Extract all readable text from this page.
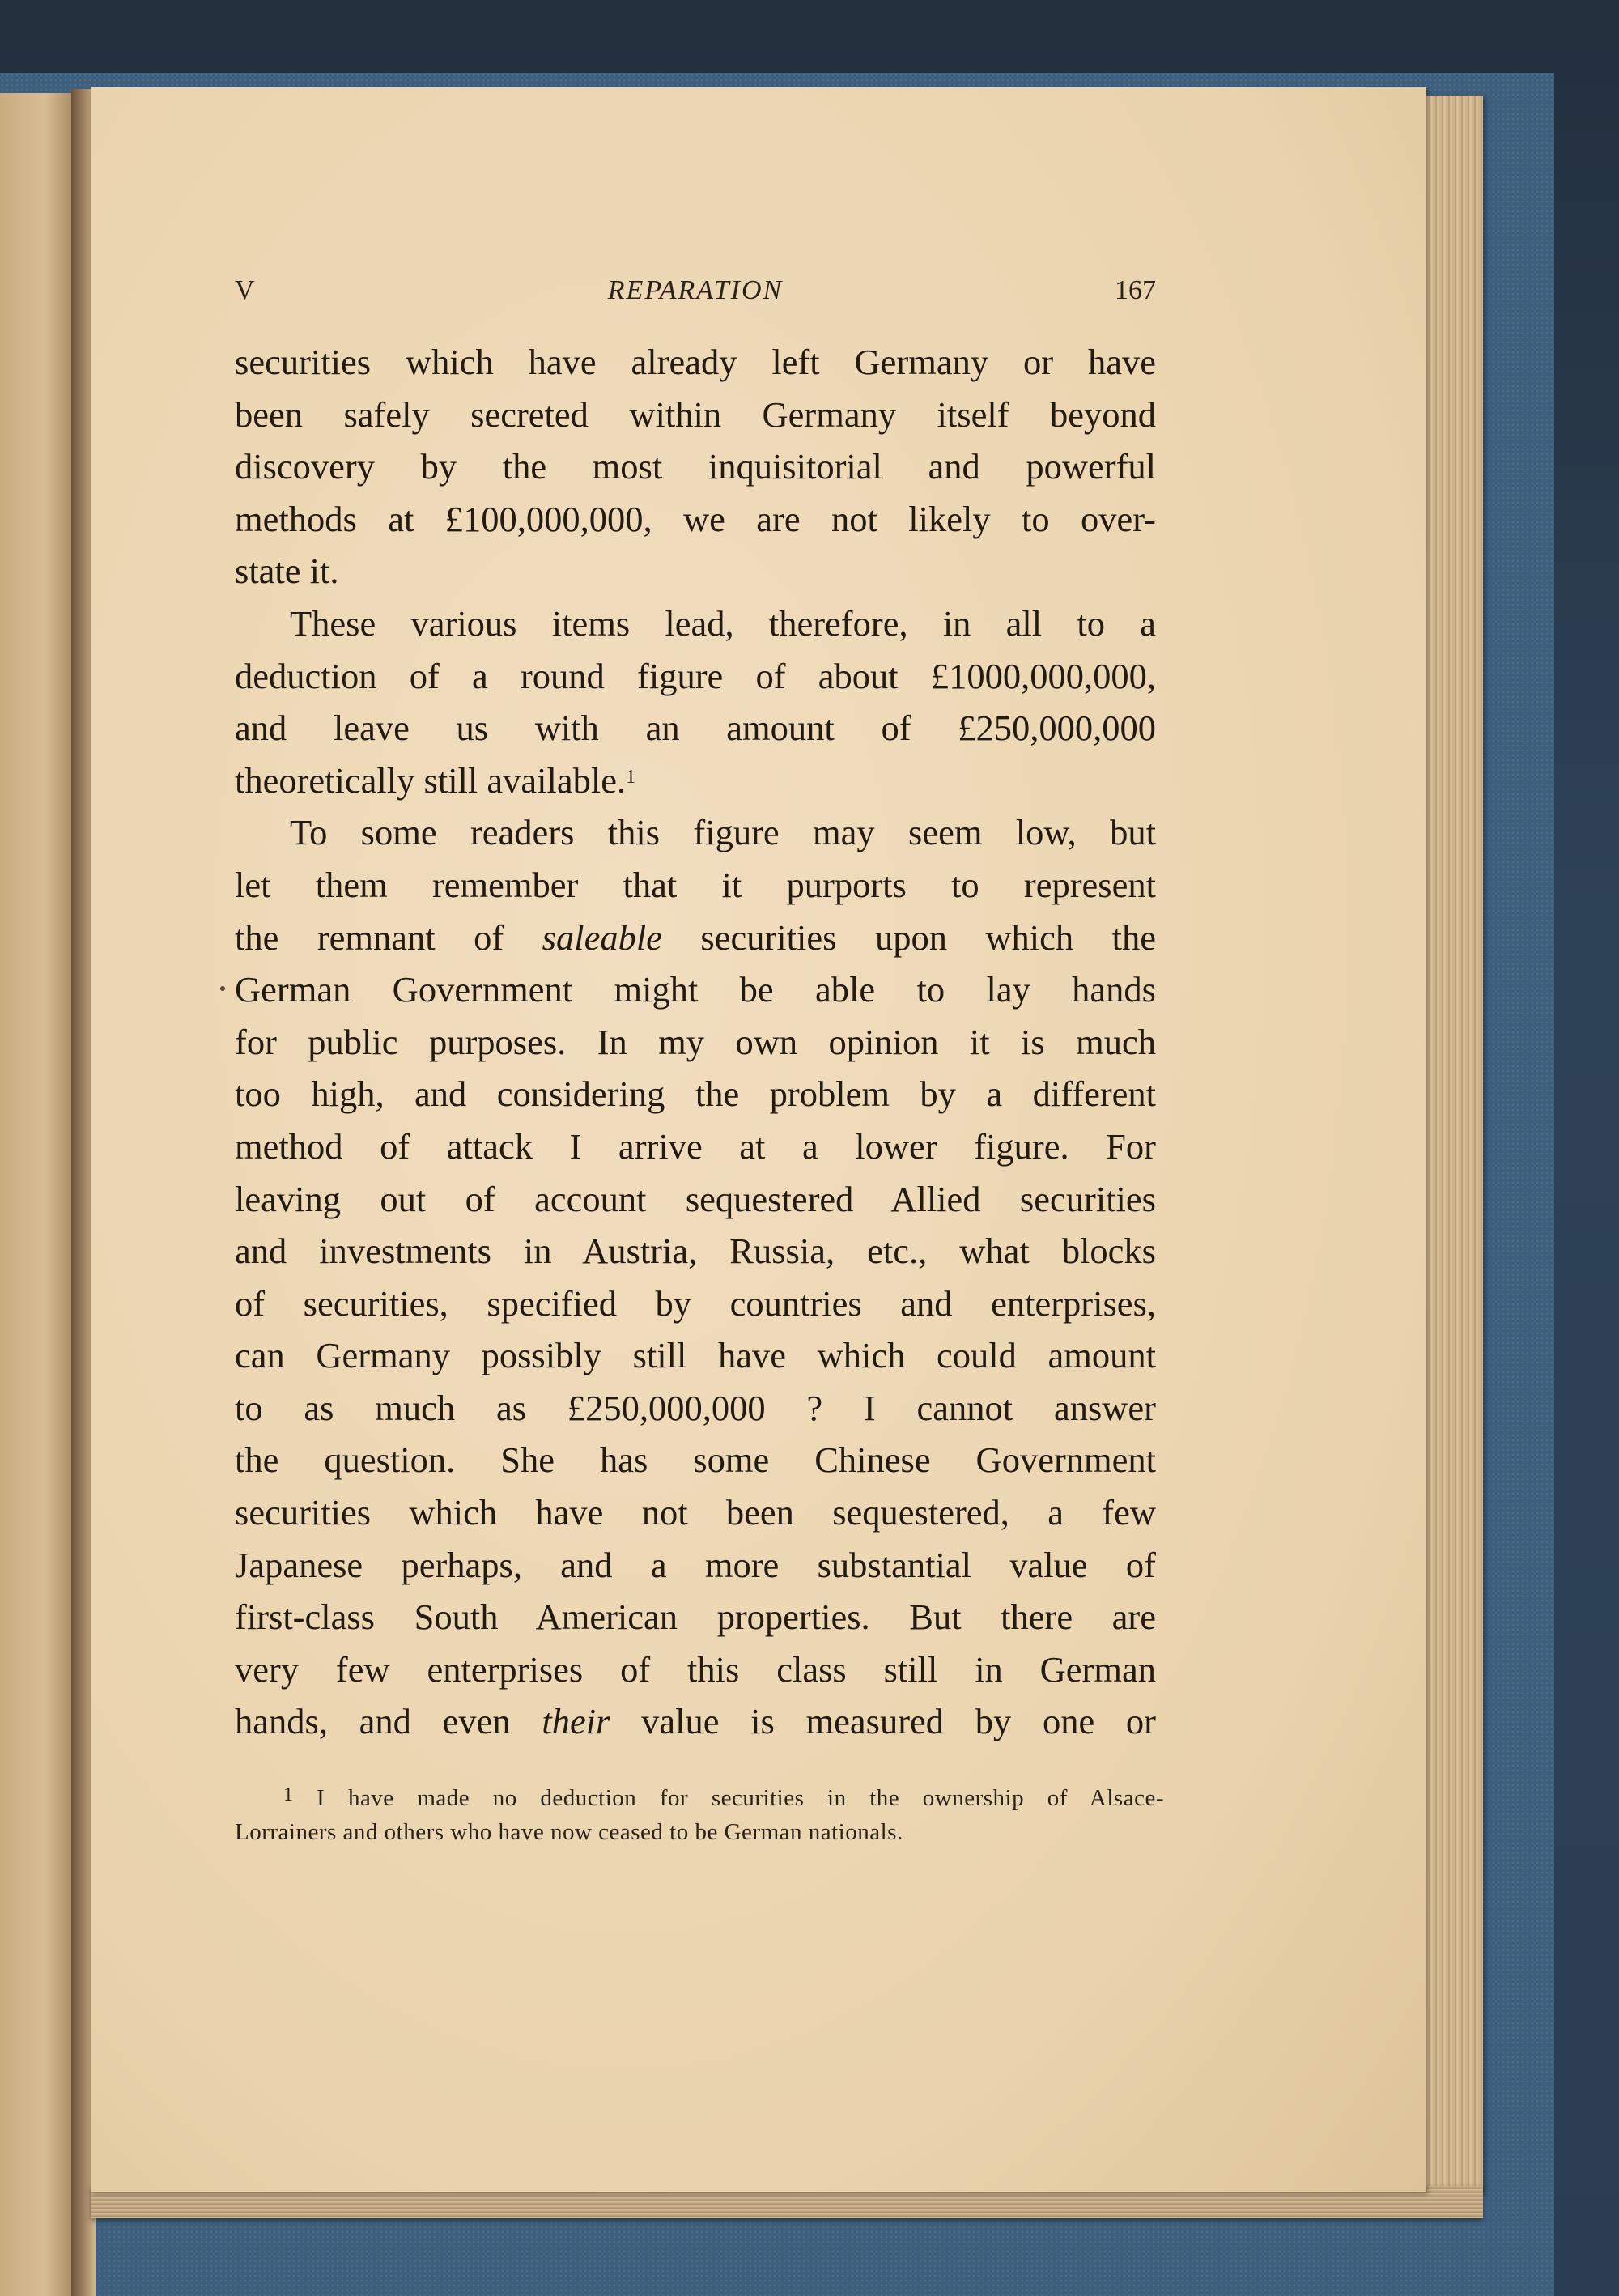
V	REPARATION	167

securities which have already left Germany or have
been safely secreted within Germany itself beyond
discovery by the most inquisitorial and powerful
methods at £100,000,000, we are not likely to over-
state it.

These various items lead, therefore, in all to a
deduction of a round figure of about £1000,000,000,
and leave us with an amount of £250,000,000
theoretically still available.$^1$

To some readers this figure may seem low, but
let them remember that it purports to represent
the remnant of saleable securities upon which the
German Government might be able to lay hands
for public purposes. In my own opinion it is much
too high, and considering the problem by a different
method of attack I arrive at a lower figure. For
leaving out of account sequestered Allied securities
and investments in Austria, Russia, etc., what blocks
of securities, specified by countries and enterprises,
can Germany possibly still have which could amount
to as much as £250,000,000 ? I cannot answer
the question. She has some Chinese Government
securities which have not been sequestered, a few
Japanese perhaps, and a more substantial value of
first-class South American properties. But there are
very few enterprises of this class still in German
hands, and even their value is measured by one or

$^1$ I have made no deduction for securities in the ownership of Alsace-
Lorrainers and others who have now ceased to be German nationals.
